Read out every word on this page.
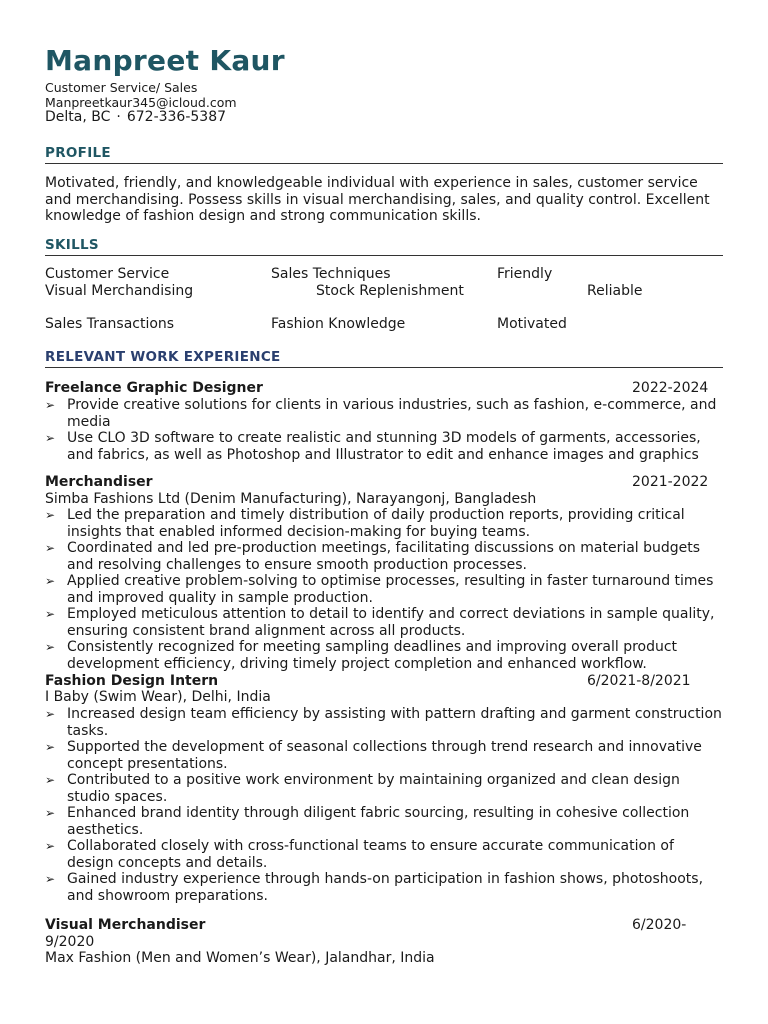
Manpreet Kaur
Customer Service/ Sales
Manpreetkaur345@icloud.com
Delta, BC · 672-336-5387
PROFILE
Motivated, friendly, and knowledgeable individual with experience in sales, customer service and merchandising. Possess skills in visual merchandising, sales, and quality control. Excellent knowledge of fashion design and strong communication skills.
SKILLS
Customer Service	Sales Techniques	Friendly
Visual Merchandising	Stock Replenishment	Reliable
Sales Transactions	Fashion Knowledge	Motivated
RELEVANT WORK EXPERIENCE
Freelance Graphic Designer	2022-2024
➢ Provide creative solutions for clients in various industries, such as fashion, e-commerce, and media
➢ Use CLO 3D software to create realistic and stunning 3D models of garments, accessories, and fabrics, as well as Photoshop and Illustrator to edit and enhance images and graphics
Merchandiser	2021-2022
Simba Fashions Ltd (Denim Manufacturing), Narayangonj, Bangladesh
➢ Led the preparation and timely distribution of daily production reports, providing critical insights that enabled informed decision-making for buying teams.
➢ Coordinated and led pre-production meetings, facilitating discussions on material budgets and resolving challenges to ensure smooth production processes.
➢ Applied creative problem-solving to optimise processes, resulting in faster turnaround times and improved quality in sample production.
➢ Employed meticulous attention to detail to identify and correct deviations in sample quality, ensuring consistent brand alignment across all products.
➢ Consistently recognized for meeting sampling deadlines and improving overall product development efficiency, driving timely project completion and enhanced workflow.
Fashion Design Intern	6/2021-8/2021
I Baby (Swim Wear), Delhi, India
➢ Increased design team efficiency by assisting with pattern drafting and garment construction tasks.
➢ Supported the development of seasonal collections through trend research and innovative concept presentations.
➢ Contributed to a positive work environment by maintaining organized and clean design studio spaces.
➢ Enhanced brand identity through diligent fabric sourcing, resulting in cohesive collection aesthetics.
➢ Collaborated closely with cross-functional teams to ensure accurate communication of design concepts and details.
➢ Gained industry experience through hands-on participation in fashion shows, photoshoots, and showroom preparations.
Visual Merchandiser	6/2020-
9/2020
Max Fashion (Men and Women’s Wear), Jalandhar, India
